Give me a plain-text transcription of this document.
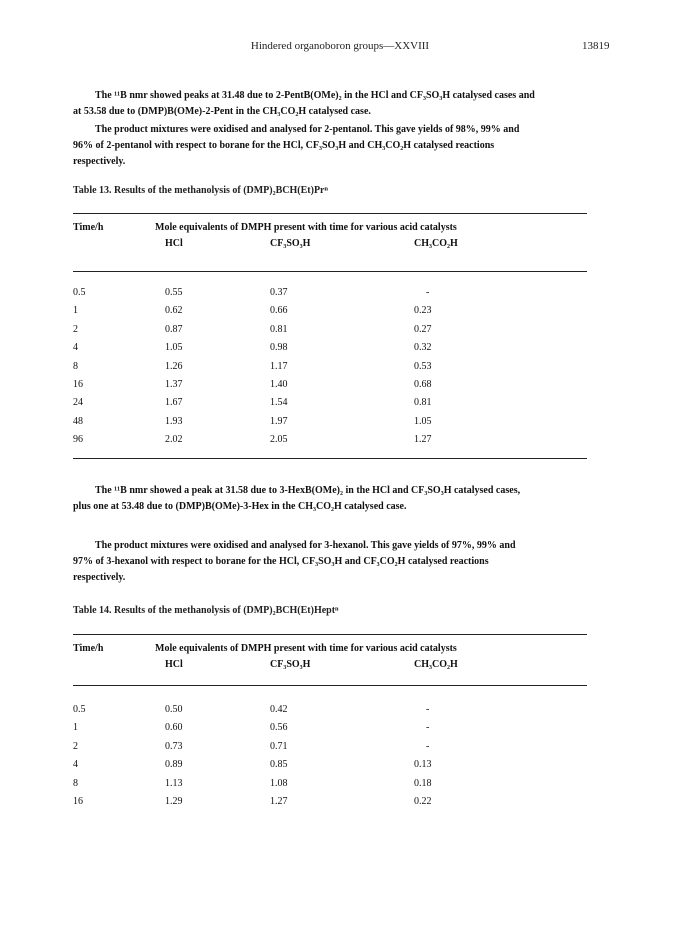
Hindered organoboron groups—XXVIII	13819

The ¹¹B nmr showed peaks at 31.48 due to 2-PentB(OMe)₂ in the HCl and CF₃SO₃H catalysed cases and

at 53.58 due to (DMP)B(OMe)-2-Pent in the CH₃CO₂H catalysed case.

The product mixtures were oxidised and analysed for 2-pentanol. This gave yields of 98%, 99% and

96% of 2-pentanol with respect to borane for the HCl, CF₃SO₃H and CH₃CO₂H catalysed reactions

respectively.

Table 13. Results of the methanolysis of (DMP)₂BCH(Et)Prⁿ
Time/h	Mole equivalents of DMPH present with time for various acid catalysts
HCl	CF₃SO₃H	CH₃CO₂H
0.5	0.55	0.37	-
1	0.62	0.66	0.23
2	0.87	0.81	0.27
4	1.05	0.98	0.32
8	1.26	1.17	0.53
16	1.37	1.40	0.68
24	1.67	1.54	0.81
48	1.93	1.97	1.05
96	2.02	2.05	1.27

The ¹¹B nmr showed a peak at 31.58 due to 3-HexB(OMe)₂ in the HCl and CF₃SO₃H catalysed cases,

plus one at 53.48 due to (DMP)B(OMe)-3-Hex in the CH₃CO₂H catalysed case.

The product mixtures were oxidised and analysed for 3-hexanol. This gave yields of 97%, 99% and

97% of 3-hexanol with respect to borane for the HCl, CF₃SO₃H and CF₃CO₂H catalysed reactions

respectively.

Table 14. Results of the methanolysis of (DMP)₂BCH(Et)Heptⁿ
Time/h	Mole equivalents of DMPH present with time for various acid catalysts
HCl	CF₃SO₃H	CH₃CO₂H
0.5	0.50	0.42	-
1	0.60	0.56	-
2	0.73	0.71	-
4	0.89	0.85	0.13
8	1.13	1.08	0.18
16	1.29	1.27	0.22
